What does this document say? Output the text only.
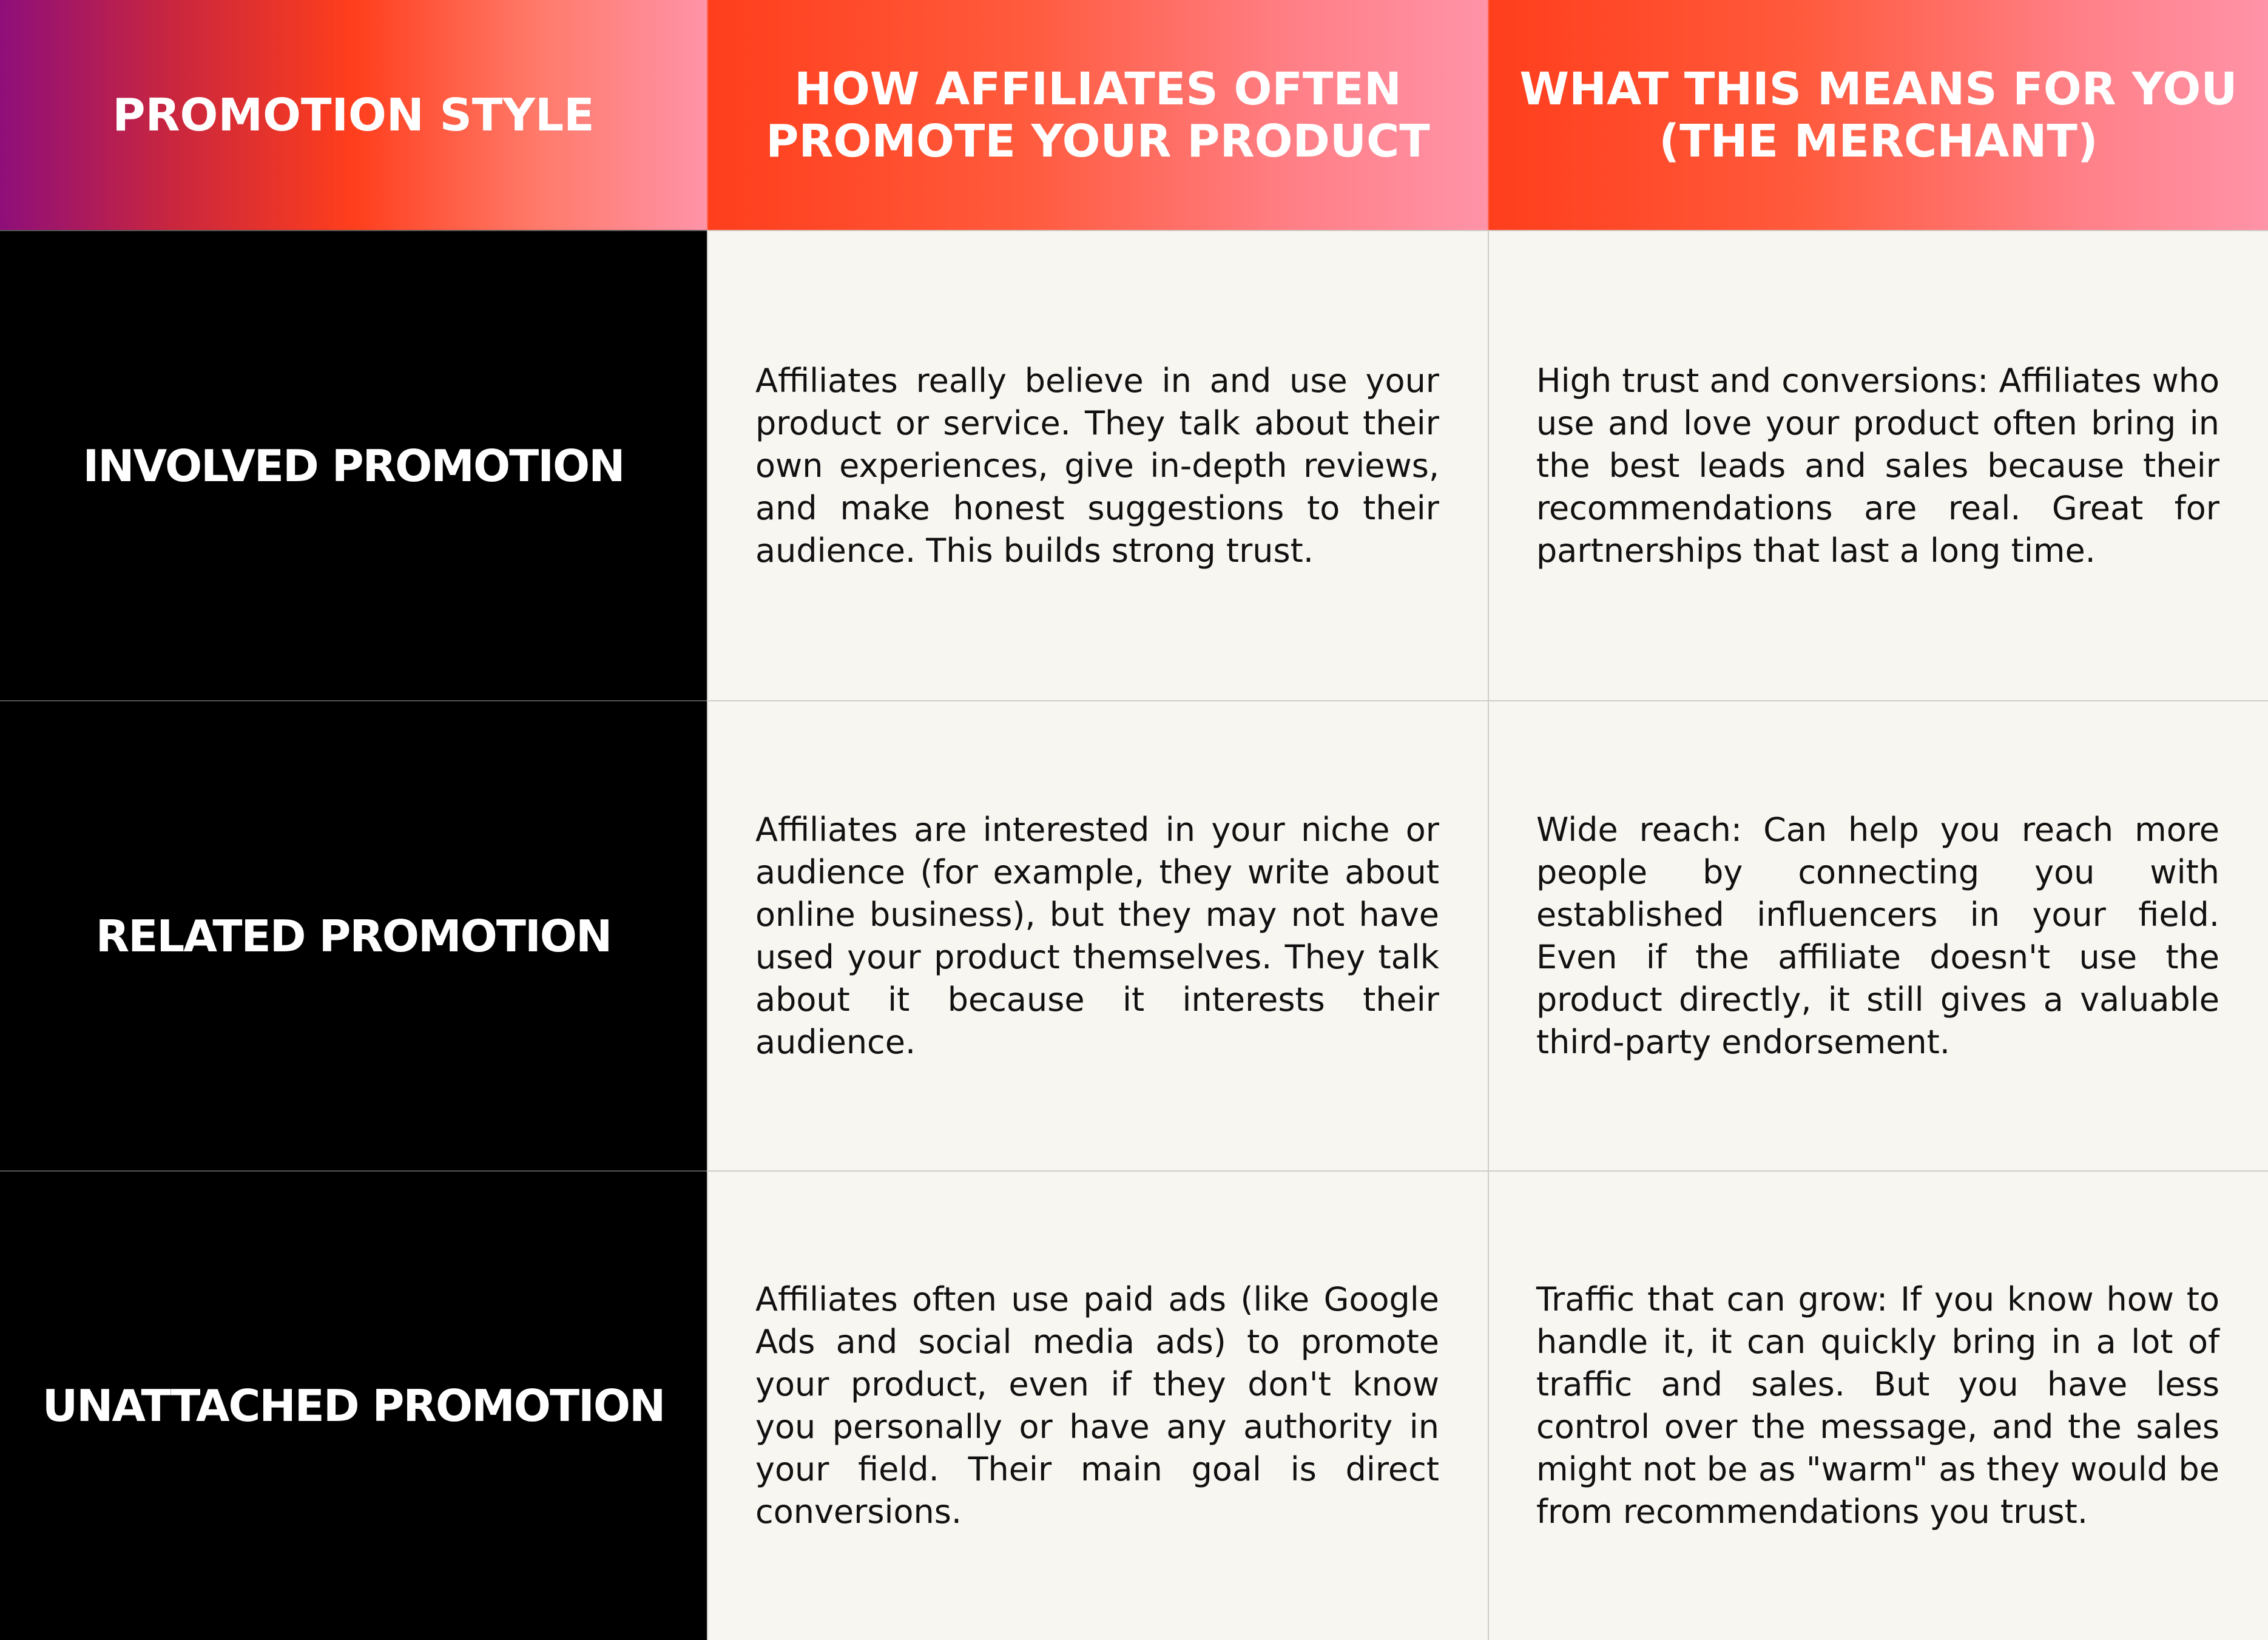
PROMOTION STYLE	HOW AFFILIATES OFTEN
PROMOTE YOUR PRODUCT
WHAT THIS MEANS FOR YOU
(THE MERCHANT)
INVOLVED PROMOTION

Affiliates really believe in and use your product or service. They talk about their own experiences, give in-depth reviews, and make honest suggestions to their audience. This builds strong trust.

High trust and conversions: Affiliates who use and love your product often bring in the best leads and sales because their recommendations are real. Great for partnerships that last a long time.

RELATED PROMOTION

Affiliates are interested in your niche or audience (for example, they write about online business), but they may not have used your product themselves. They talk about it because it interests their audience.

Wide reach: Can help you reach more people by connecting you with established influencers in your field. Even if the affiliate doesn't use the product directly, it still gives a valuable third-party endorsement.

UNATTACHED PROMOTION

Affiliates often use paid ads (like Google Ads and social media ads) to promote your product, even if they don't know you personally or have any authority in your field. Their main goal is direct conversions.

Traffic that can grow: If you know how to handle it, it can quickly bring in a lot of traffic and sales. But you have less control over the message, and the sales might not be as "warm" as they would be from recommendations you trust.
